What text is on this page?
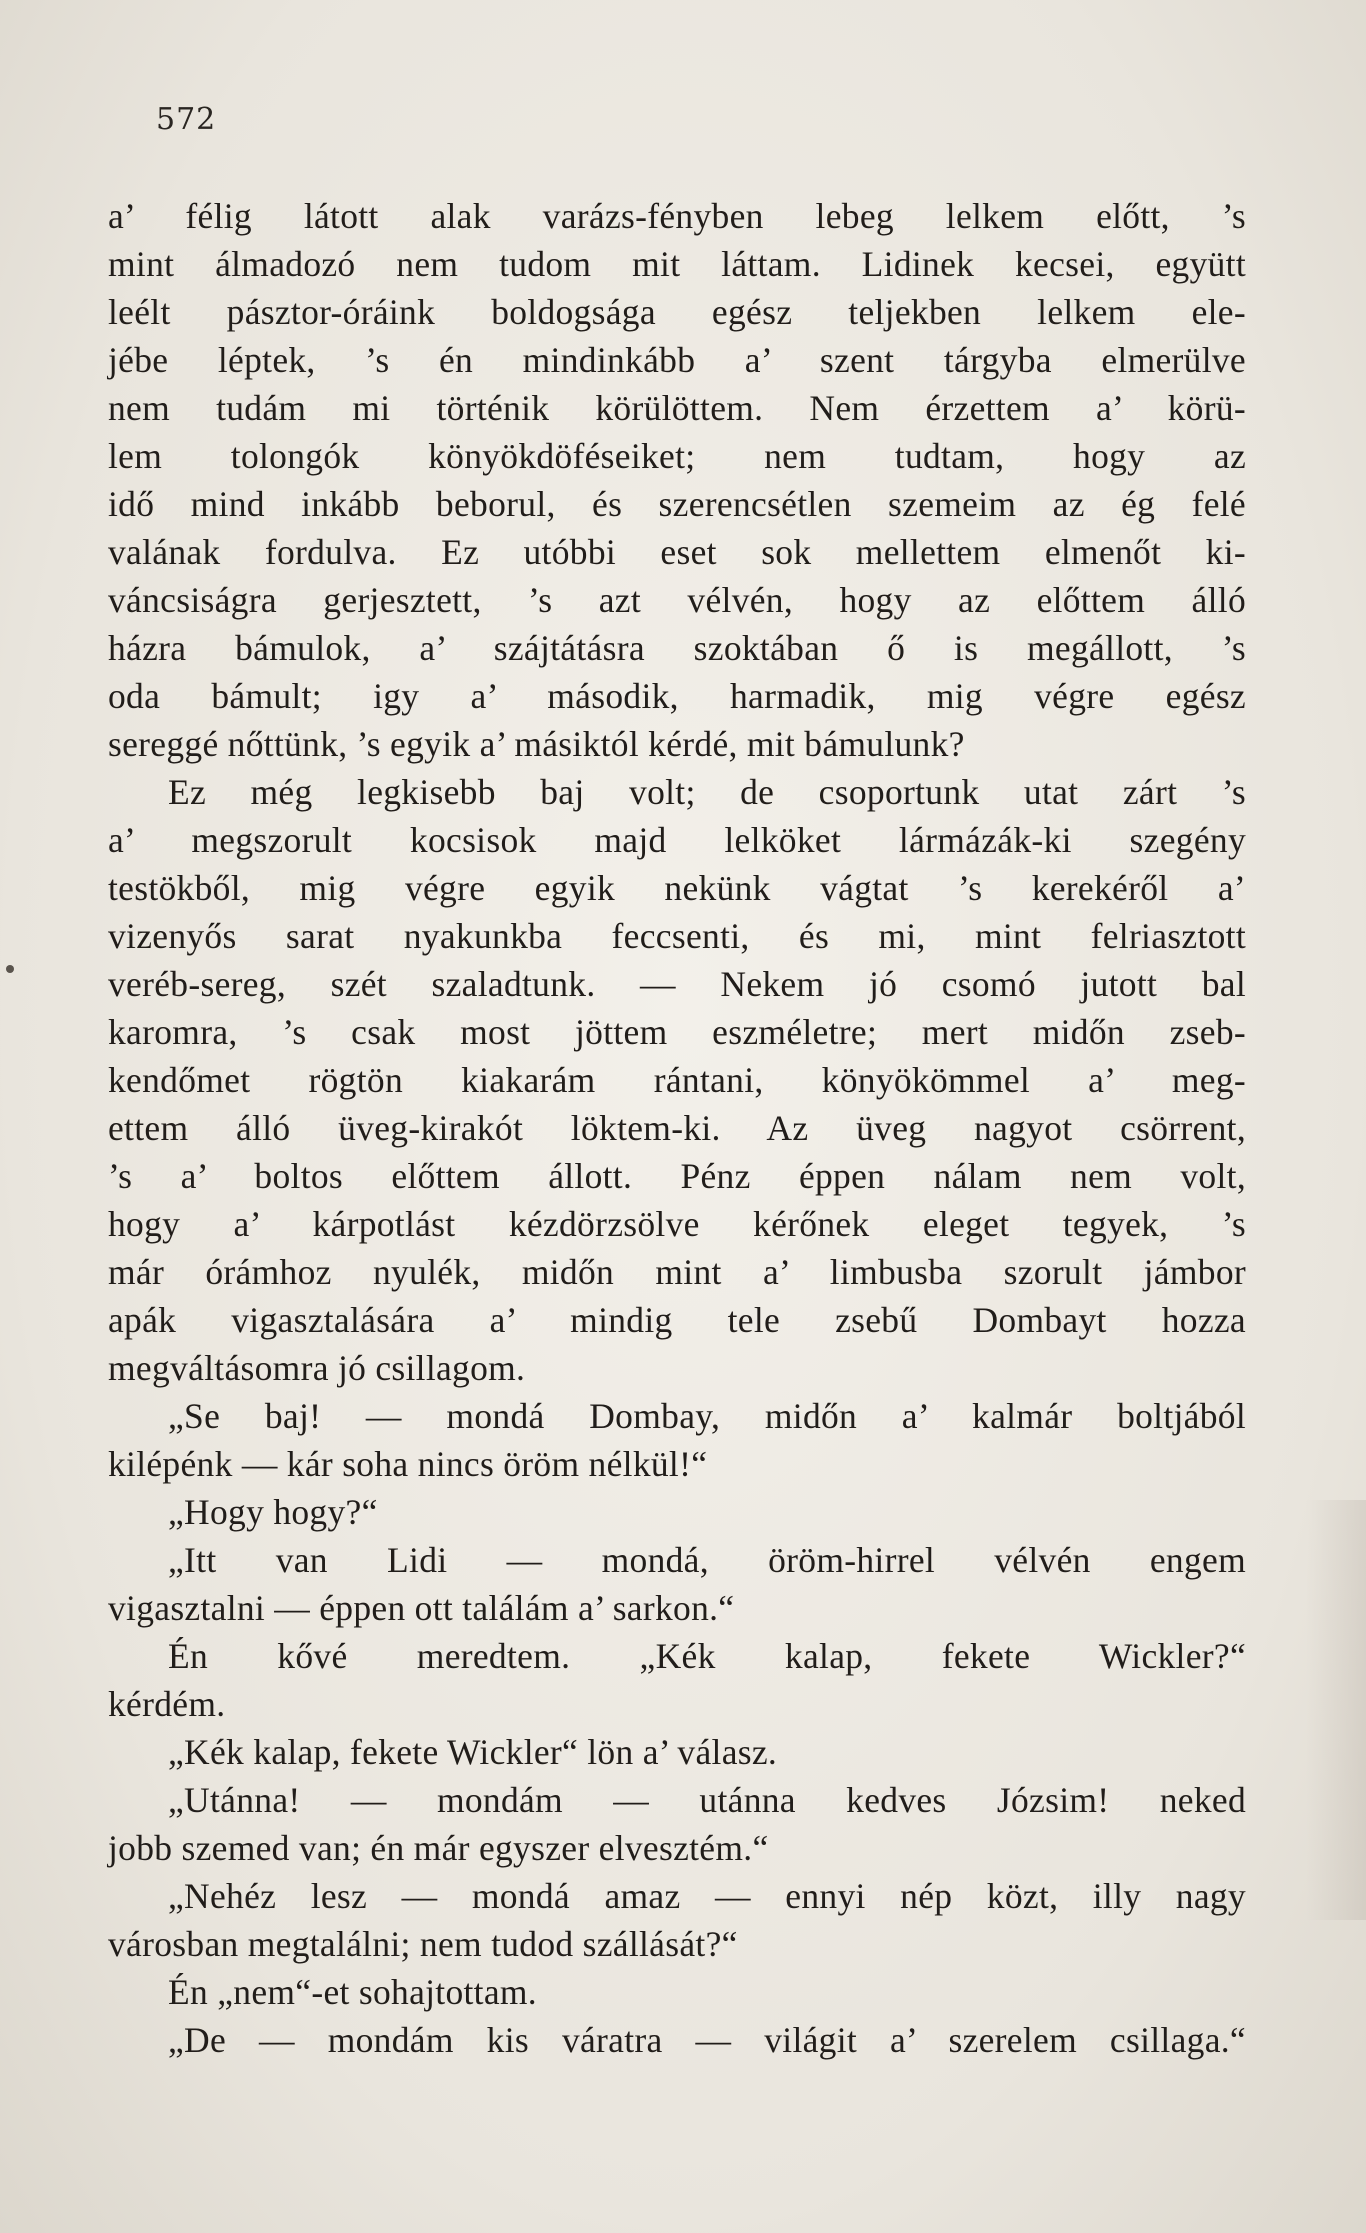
572
a’ félig látott alak varázs-fényben lebeg lelkem előtt, ’s
mint álmadozó nem tudom mit láttam. Lidinek kecsei, együtt
leélt pásztor-óráink boldogsága egész teljekben lelkem ele-
jébe léptek, ’s én mindinkább a’ szent tárgyba elmerülve
nem tudám mi történik körülöttem. Nem érzettem a’ körü-
lem tolongók könyökdöféseiket; nem tudtam, hogy az
idő mind inkább beborul, és szerencsétlen szemeim az ég felé
valának fordulva. Ez utóbbi eset sok mellettem elmenőt ki-
váncsiságra gerjesztett, ’s azt vélvén, hogy az előttem álló
házra bámulok, a’ szájtátásra szoktában ő is megállott, ’s
oda bámult; igy a’ második, harmadik, mig végre egész
sereggé nőttünk, ’s egyik a’ másiktól kérdé, mit bámulunk?
Ez még legkisebb baj volt; de csoportunk utat zárt ’s
a’ megszorult kocsisok majd lelköket lármázák-ki szegény
testökből, mig végre egyik nekünk vágtat ’s kerekéről a’
vizenyős sarat nyakunkba feccsenti, és mi, mint felriasztott
veréb-sereg, szét szaladtunk. — Nekem jó csomó jutott bal
karomra, ’s csak most jöttem eszméletre; mert midőn zseb-
kendőmet rögtön kiakarám rántani, könyökömmel a’ meg-
ettem álló üveg-kirakót löktem-ki. Az üveg nagyot csörrent,
’s a’ boltos előttem állott. Pénz éppen nálam nem volt,
hogy a’ kárpotlást kézdörzsölve kérőnek eleget tegyek, ’s
már órámhoz nyulék, midőn mint a’ limbusba szorult jámbor
apák vigasztalására a’ mindig tele zsebű Dombayt hozza
megváltásomra jó csillagom.
„Se baj! — mondá Dombay, midőn a’ kalmár boltjából
kilépénk — kár soha nincs öröm nélkül!“
„Hogy hogy?“
„Itt van Lidi — mondá, öröm-hirrel vélvén engem
vigasztalni — éppen ott találám a’ sarkon.“
Én kővé meredtem. „Kék kalap, fekete Wickler?“
kérdém.
„Kék kalap, fekete Wickler“ lön a’ válasz.
„Utánna! — mondám — utánna kedves Józsim! neked
jobb szemed van; én már egyszer elvesztém.“
„Nehéz lesz — mondá amaz — ennyi nép közt, illy nagy
városban megtalálni; nem tudod szállását?“
Én „nem“-et sohajtottam.
„De — mondám kis váratra — világit a’ szerelem csillaga.“
